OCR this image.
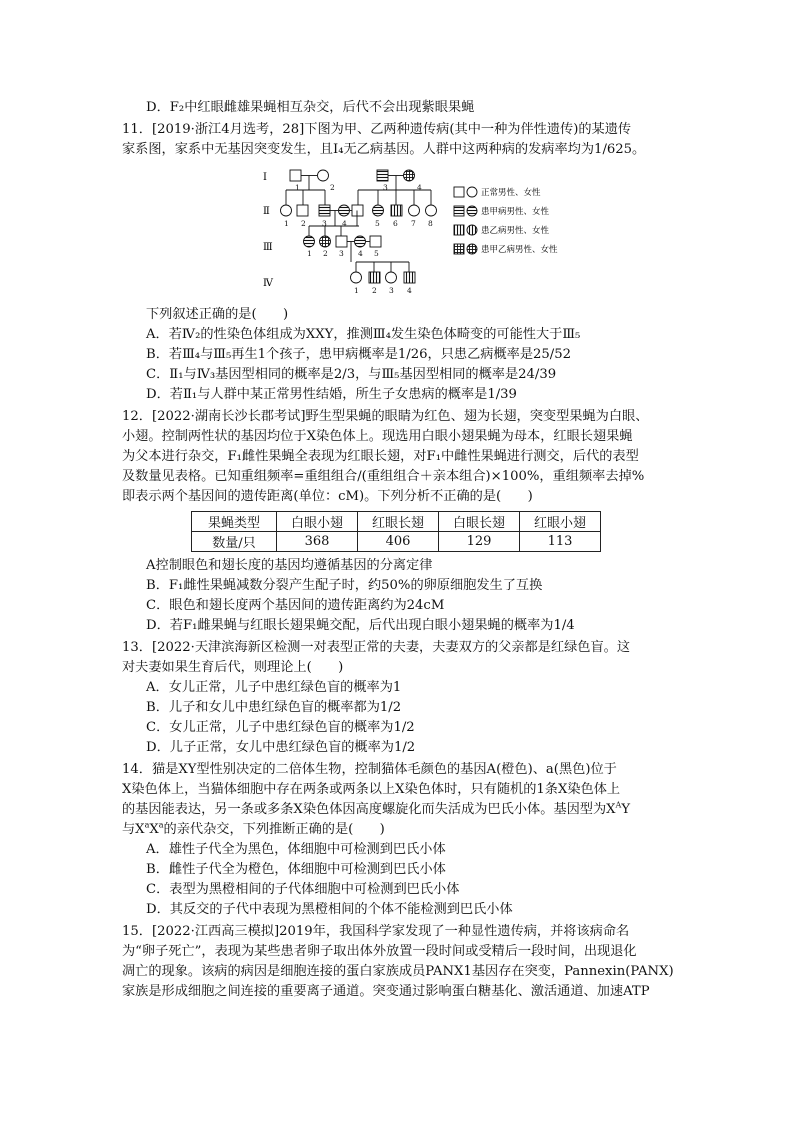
D．F₂中红眼雌雄果蝇相互杂交，后代不会出现紫眼果蝇
11．[2019·浙江4月选考，28]下图为甲、乙两种遗传病(其中一种为伴性遗传)的某遗传
家系图，家系中无基因突变发生，且Ⅰ₄无乙病基因。人群中这两种病的发病率均为1/625。
Ⅰ
Ⅱ
Ⅲ
Ⅳ
1	2	3	4
1 2 3 4	5 6 7 8
1 2 3 4 5
1 2 3 4
正常男性、女性
患甲病男性、女性
患乙病男性、女性
患甲乙病男性、女性
下列叙述正确的是(　　)
A．若Ⅳ₂的性染色体组成为XXY，推测Ⅲ₄发生染色体畸变的可能性大于Ⅲ₅
B．若Ⅲ₄与Ⅲ₅再生1个孩子，患甲病概率是1/26，只患乙病概率是25/52
C．Ⅱ₁与Ⅳ₃基因型相同的概率是2/3，与Ⅲ₅基因型相同的概率是24/39
D．若Ⅱ₁与人群中某正常男性结婚，所生子女患病的概率是1/39
12．[2022·湖南长沙长郡考试]野生型果蝇的眼睛为红色、翅为长翅，突变型果蝇为白眼、
小翅。控制两性状的基因均位于X染色体上。现选用白眼小翅果蝇为母本，红眼长翅果蝇
为父本进行杂交，F₁雌性果蝇全表现为红眼长翅，对F₁中雌性果蝇进行测交，后代的表型
及数量见表格。已知重组频率=重组组合/(重组组合＋亲本组合)×100%，重组频率去掉%
即表示两个基因间的遗传距离(单位：cM)。下列分析不正确的是(　　)
果蝇类型	白眼小翅	红眼长翅	白眼长翅	红眼小翅
数量/只	368	406	129	113
A控制眼色和翅长度的基因均遵循基因的分离定律
B．F₁雌性果蝇减数分裂产生配子时，约50%的卵原细胞发生了互换
C．眼色和翅长度两个基因间的遗传距离约为24cM
D．若F₁雌果蝇与红眼长翅果蝇交配，后代出现白眼小翅果蝇的概率为1/4
13．[2022·天津滨海新区检测一对表型正常的夫妻，夫妻双方的父亲都是红绿色盲。这
对夫妻如果生育后代，则理论上(　　)
A．女儿正常，儿子中患红绿色盲的概率为1
B．儿子和女儿中患红绿色盲的概率都为1/2
C．女儿正常，儿子中患红绿色盲的概率为1/2
D．儿子正常，女儿中患红绿色盲的概率为1/2
14．猫是XY型性别决定的二倍体生物，控制猫体毛颜色的基因A(橙色)、a(黑色)位于
X染色体上，当猫体细胞中存在两条或两条以上X染色体时，只有随机的1条X染色体上
的基因能表达，另一条或多条X染色体因高度螺旋化而失活成为巴氏小体。基因型为$X^AY$
与$X^aX^a$的亲代杂交，下列推断正确的是(　　)
A．雄性子代全为黑色，体细胞中可检测到巴氏小体
B．雌性子代全为橙色，体细胞中可检测到巴氏小体
C．表型为黑橙相间的子代体细胞中可检测到巴氏小体
D．其反交的子代中表现为黑橙相间的个体不能检测到巴氏小体
15．[2022·江西高三模拟]2019年，我国科学家发现了一种显性遗传病，并将该病命名
为“卵子死亡”，表现为某些患者卵子取出体外放置一段时间或受精后一段时间，出现退化
凋亡的现象。该病的病因是细胞连接的蛋白家族成员PANX1基因存在突变，Pannexin(PANX)
家族是形成细胞之间连接的重要离子通道。突变通过影响蛋白糖基化、激活通道、加速ATP
